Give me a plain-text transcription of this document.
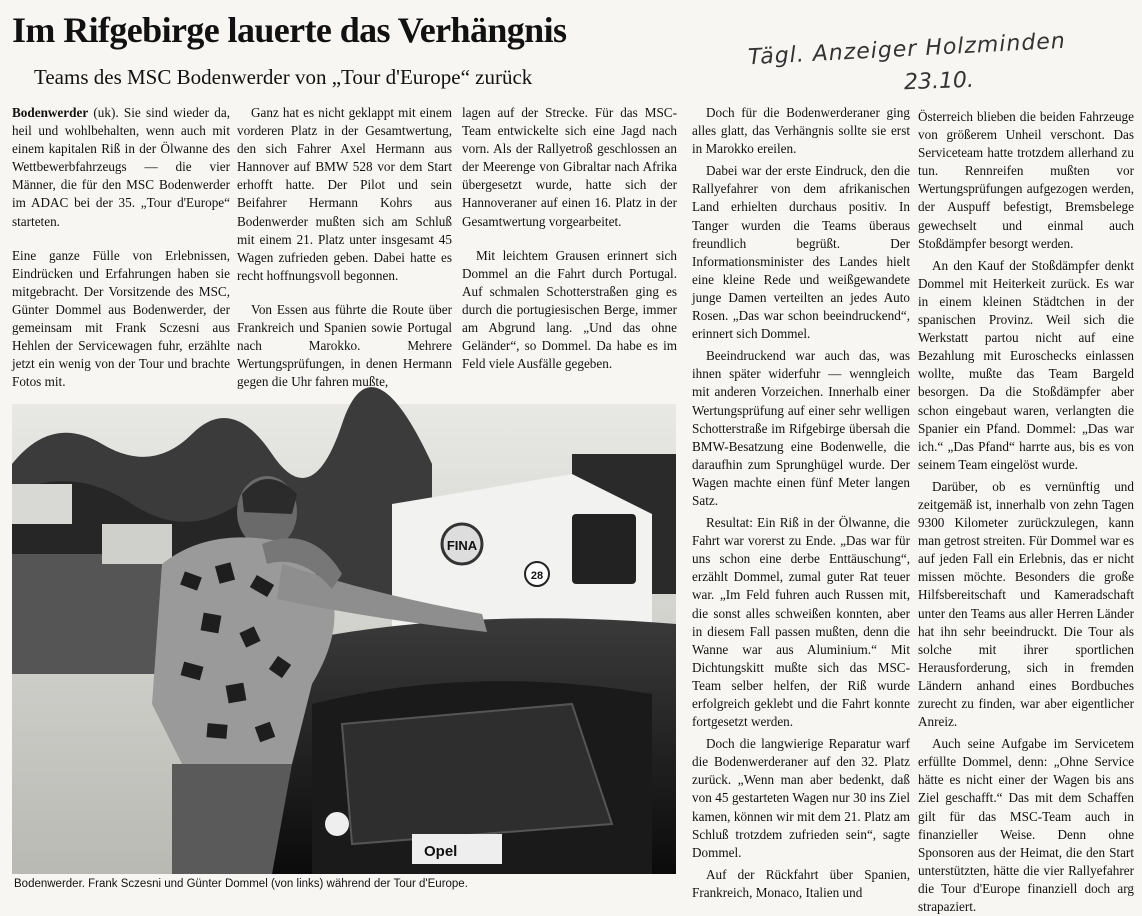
Im Rifgebirge lauerte das Verhängnis
Teams des MSC Bodenwerder von „Tour d'Europe“ zurück
Tägl. Anzeiger Holzminden
23.10.

Bodenwerder (uk). Sie sind wieder da, heil und wohlbehalten, wenn auch mit einem kapitalen Riß in der Ölwanne des Wettbewerbfahrzeugs — die vier Männer, die für den MSC Bodenwerder im ADAC bei der 35. „Tour d'Europe“ starteten.

Eine ganze Fülle von Erlebnissen, Eindrücken und Erfahrungen haben sie mitgebracht. Der Vorsitzende des MSC, Günter Dommel aus Bodenwerder, der gemeinsam mit Frank Sczesni aus Hehlen der Servicewagen fuhr, erzählte jetzt ein wenig von der Tour und brachte Fotos mit.

Ganz hat es nicht geklappt mit einem vorderen Platz in der Gesamtwertung, den sich Fahrer Axel Hermann aus Hannover auf BMW 528 vor dem Start erhofft hatte. Der Pilot und sein Beifahrer Hermann Kohrs aus Bodenwerder mußten sich am Schluß mit einem 21. Platz unter insgesamt 45 Wagen zufrieden geben. Dabei hatte es recht hoffnungsvoll begonnen.

Von Essen aus führte die Route über Frankreich und Spanien sowie Portugal nach Marokko. Mehrere Wertungsprüfungen, in denen Hermann gegen die Uhr fahren mußte,

lagen auf der Strecke. Für das MSC-Team entwickelte sich eine Jagd nach vorn. Als der Rallyetroß geschlossen an der Meerenge von Gibraltar nach Afrika übergesetzt wurde, hatte sich der Hannoveraner auf einen 16. Platz in der Gesamtwertung vorgearbeitet.

Mit leichtem Grausen erinnert sich Dommel an die Fahrt durch Portugal. Auf schmalen Schotterstraßen ging es durch die portugiesischen Berge, immer am Abgrund lang. „Und das ohne Geländer“, so Dommel. Da habe es im Feld viele Ausfälle gegeben.

Doch für die Bodenwerderaner ging alles glatt, das Verhängnis sollte sie erst in Marokko ereilen.

Dabei war der erste Eindruck, den die Rallyefahrer von dem afrikanischen Land erhielten durchaus positiv. In Tanger wurden die Teams überaus freundlich begrüßt. Der Informationsminister des Landes hielt eine kleine Rede und weißgewandete junge Damen verteilten an jedes Auto Rosen. „Das war schon beeindruckend“, erinnert sich Dommel.

Beeindruckend war auch das, was ihnen später widerfuhr — wenngleich mit anderen Vorzeichen. Innerhalb einer Wertungsprüfung auf einer sehr welligen Schotterstraße im Rifgebirge übersah die BMW-Besatzung eine Bodenwelle, die daraufhin zum Sprunghügel wurde. Der Wagen machte einen fünf Meter langen Satz.

Resultat: Ein Riß in der Ölwanne, die Fahrt war vorerst zu Ende. „Das war für uns schon eine derbe Enttäuschung“, erzählt Dommel, zumal guter Rat teuer war. „Im Feld fuhren auch Russen mit, die sonst alles schweißen konnten, aber in diesem Fall passen mußten, denn die Wanne war aus Aluminium.“ Mit Dichtungskitt mußte sich das MSC-Team selber helfen, der Riß wurde erfolgreich geklebt und die Fahrt konnte fortgesetzt werden.

Doch die langwierige Reparatur warf die Bodenwerderaner auf den 32. Platz zurück. „Wenn man aber bedenkt, daß von 45 gestarteten Wagen nur 30 ins Ziel kamen, können wir mit dem 21. Platz am Schluß trotzdem zufrieden sein“, sagte Dommel.

Auf der Rückfahrt über Spanien, Frankreich, Monaco, Italien und

Österreich blieben die beiden Fahrzeuge von größerem Unheil verschont. Das Serviceteam hatte trotzdem allerhand zu tun. Rennreifen mußten vor Wertungsprüfungen aufgezogen werden, der Auspuff befestigt, Bremsbelege gewechselt und einmal auch Stoßdämpfer besorgt werden.

An den Kauf der Stoßdämpfer denkt Dommel mit Heiterkeit zurück. Es war in einem kleinen Städtchen in der spanischen Provinz. Weil sich die Werkstatt partou nicht auf eine Bezahlung mit Euroschecks einlassen wollte, mußte das Team Bargeld besorgen. Da die Stoßdämpfer aber schon eingebaut waren, verlangten die Spanier ein Pfand. Dommel: „Das war ich.“ „Das Pfand“ harrte aus, bis es von seinem Team eingelöst wurde.

Darüber, ob es vernünftig und zeitgemäß ist, innerhalb von zehn Tagen 9300 Kilometer zurückzulegen, kann man getrost streiten. Für Dommel war es auf jeden Fall ein Erlebnis, das er nicht missen möchte. Besonders die große Hilfsbereitschaft und Kameradschaft unter den Teams aus aller Herren Länder hat ihn sehr beeindruckt. Die Tour als solche mit ihrer sportlichen Herausforderung, sich in fremden Ländern anhand eines Bordbuches zurecht zu finden, war aber eigentlicher Anreiz.

Auch seine Aufgabe im Servicetem erfüllte Dommel, denn: „Ohne Service hätte es nicht einer der Wagen bis ans Ziel geschafft.“ Das mit dem Schaffen gilt für das MSC-Team auch in finanzieller Weise. Denn ohne Sponsoren aus der Heimat, die den Start unterstützten, hätte die vier Rallyefahrer die Tour d'Europe finanziell doch arg strapaziert.

FINA
28
Opel
Bodenwerder. Frank Sczesni und Günter Dommel (von links) während der Tour d'Europe.
